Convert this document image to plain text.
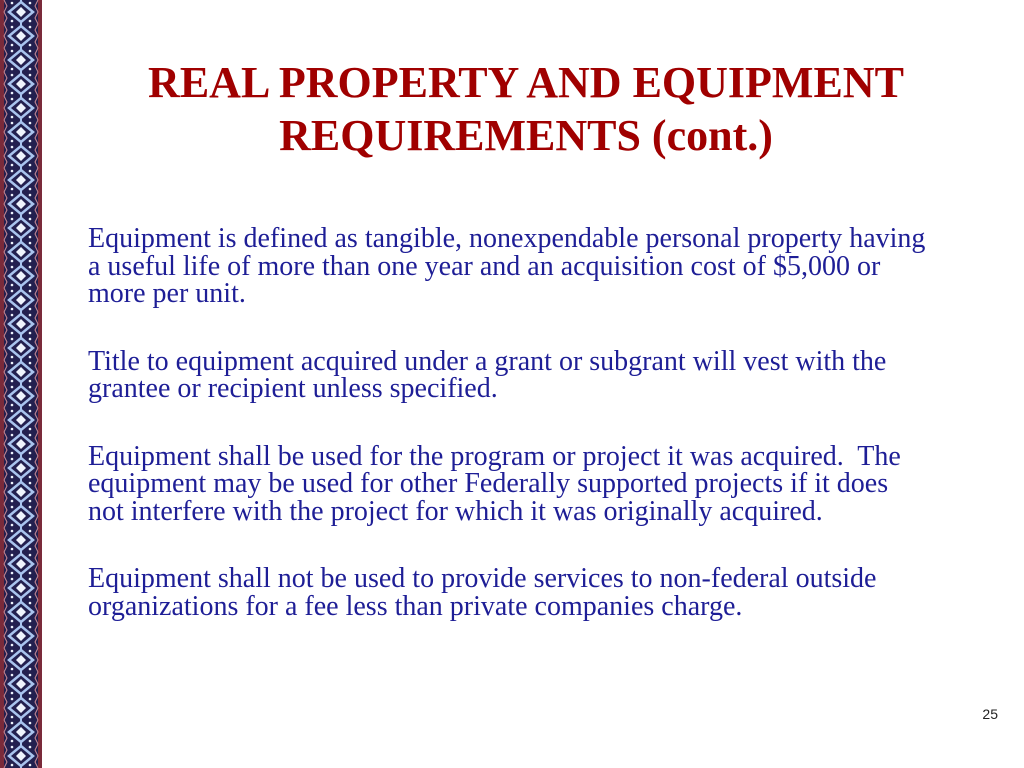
REAL PROPERTY AND EQUIPMENT
REQUIREMENTS (cont.)
Equipment is defined as tangible, nonexpendable personal property having
a useful life of more than one year and an acquisition cost of $5,000 or
more per unit.
Title to equipment acquired under a grant or subgrant will vest with the
grantee or recipient unless specified.
Equipment shall be used for the program or project it was acquired.  The
equipment may be used for other Federally supported projects if it does
not interfere with the project for which it was originally acquired.
Equipment shall not be used to provide services to non-federal outside
organizations for a fee less than private companies charge.
25
